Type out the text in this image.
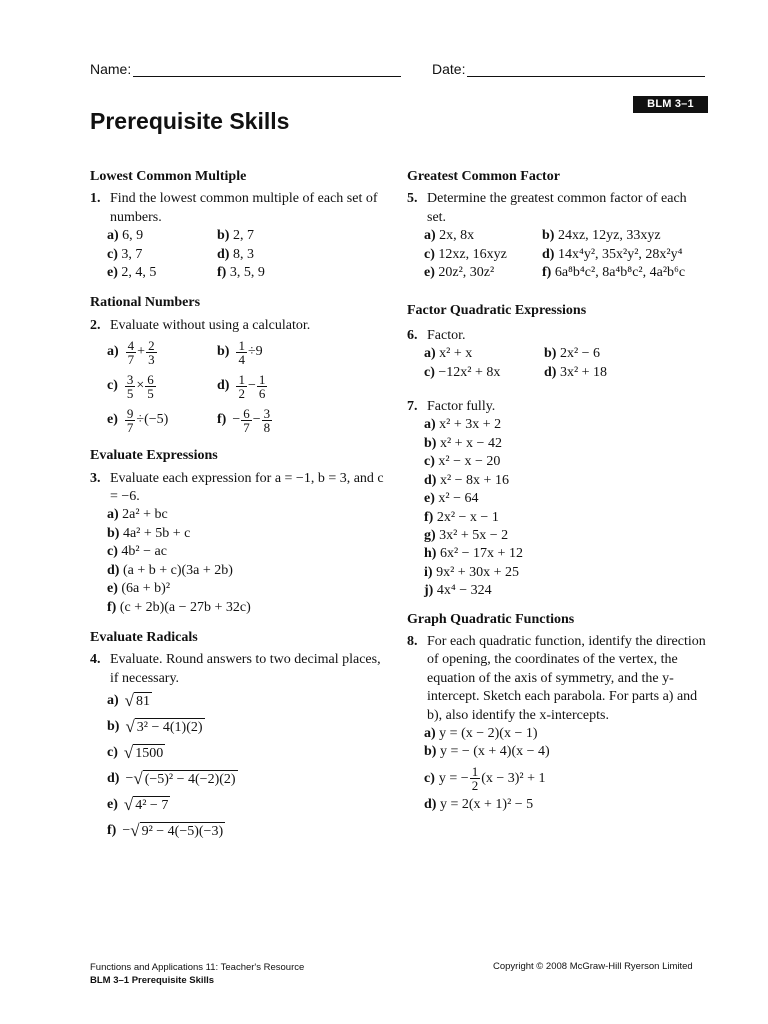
Name:	Date:
BLM 3–1
Prerequisite Skills

Lowest Common Multiple

1. Find the lowest common multiple of each set of numbers.
a) 6, 9	b) 2, 7
c) 3, 7	d) 8, 3
e) 2, 4, 5	f) 3, 5, 9

Rational Numbers

2. Evaluate without using a calculator.
$a) \frac{4}{7} + \frac{2}{3}$	$b) \frac{1}{4} \div 9$
$c) \frac{3}{5} \times \frac{6}{5}$	$d) \frac{1}{2} - \frac{1}{6}$
$e) \frac{9}{7} \div(-5)$	$f) - \frac{6}{7} - \frac{3}{8}$

Evaluate Expressions

3. Evaluate each expression for a = −1, b = 3, and c = −6.
a) 2a² + bc
b) 4a² + 5b + c
c) 4b² − ac
d) (a + b + c)(3a + 2b)
e) (6a + b)²
f) (c + 2b)(a − 27b + 32c)

Evaluate Radicals

4. Evaluate. Round answers to two decimal places, if necessary.
a) √ 81
b) √ 3² − 4(1)(2)
c) √ 1500
d) − √ (−5)² − 4(−2)(2)
e) √ 4² − 7
f) − √ 9² − 4(−5)(−3)

Greatest Common Factor

5. Determine the greatest common factor of each set.
a) 2x, 8x	b) 24xz, 12yz, 33xyz
c) 12xz, 16xyz	d) 14x⁴y², 35x²y², 28x²y⁴
e) 20z², 30z²	f) 6a⁸b⁴c², 8a⁴b⁸c², 4a²b⁶c

Factor Quadratic Expressions

6. Factor.
a) x² + x	b) 2x² − 6
c) −12x² + 8x	d) 3x² + 18
7. Factor fully.
a) x² + 3x + 2
b) x² + x − 42
c) x² − x − 20
d) x² − 8x + 16
e) x² − 64
f) 2x² − x − 1
g) 3x² + 5x − 2
h) 6x² − 17x + 12
i) 9x² + 30x + 25
j) 4x⁴ − 324

Graph Quadratic Functions

8. For each quadratic function, identify the direction of opening, the coordinates of the vertex, the equation of the axis of symmetry, and the y-intercept. Sketch each parabola. For parts a) and b), also identify the x-intercepts.
a) y = (x − 2)(x − 1)
b) y = − (x + 4)(x − 4)
c) y = − $\frac{1}{2} (x - 3)^2 + 1$
d) y = 2(x + 1)² − 5
Functions and Applications 11: Teacher's Resource
BLM 3–1 Prerequisite Skills
Copyright © 2008 McGraw-Hill Ryerson Limited
